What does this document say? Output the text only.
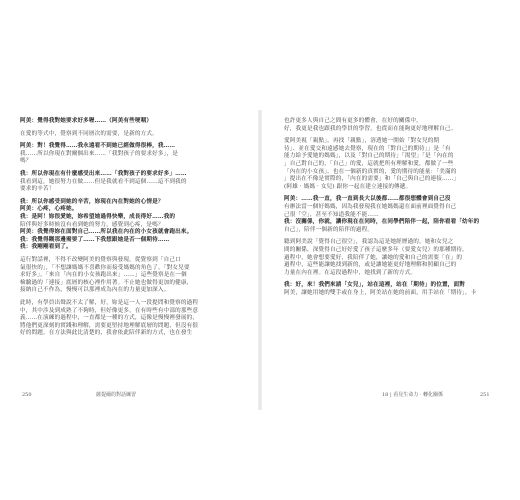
阿美：覺得我對她要求好多喔……（阿美有些哽咽）
在愛的等式中，覺察到不同層次的需要，是新的方式。
阿美：對！我覺得……我永遠看不到她已經做得很棒，我……
我……所以你現在對爾個出來……「我對孩子的要求好多」，是
嗎？
我：所以你現在有什麼感受出來……「我對孩子的要求好多」……
我看到這，她很努力在做……但是我就看不到這個……這不到我的
要求的辛苦！
我：所以你感受到她的辛苦，妳現在內在對她的心情是？
阿美：心疼，心疼她。
我：是阿！妳很愛她，妳希望她過得快樂，成長得好……我的
陪伴與好多時候沒有看到她的努力，感覺到心疼，是嗎？
阿美：我覺得妳在面對自己……所以我在內在的小女孩就會跑出來。
我：我覺得糊那邊需要了……下我想跟她是否一個期待……
我：我剛剛看到了。
這行對話裡，不得不改變阿美的覺察與發現，從覺察到「自己口
氣很快的」，「不想讓媽媽不喜歡你而接受媽媽的角色了。「對女兒要
求好多」，「來自「內在的小女孩跑出來」……」這些覺察是在一個
檢驗過的「連接」底層的核心裡作用著。不止她也做得更加的健康，
接納自己不作為，慢慢可以那裡成為內在的力量更加深入。
此時，有學員出聲說不太了解，好，妳是這一人一段提問和覺察的過程
中，其中涉及到成熟了不夠時，但好像更多，在有時些有中部的那些意
義……在演練的過程中，一直都是一種的方式，這像是慢慢裡發展的，
將他們更深刻的實踐和理解，需要更堅持地理解底層的問題，但沒有很
好的問題。在方法與此比清楚的，我會依此陪伴新的方式，也在發生
也許更多人與自己之間有更多的體會，在好的關係中，
好，我更是我也跟我的學員的學習，也從而在能夠更好地理解自己。
愛阿美視「親點」，再找「親點」，溶透她一開始「對女兒的期
待」、並在愛交和遠感她去覺察，現在的「對自己的期待」」是「有
能力給予愛她的媽媽」，以及「對自己的期待」「渴望」「是「內在的
」自己對自己的，「自己」的愛，這就把所有理解和愛，都做了一些
「內在的小女孩」，也在一個新的真實的，愛的期待的能量：「美滿的
」提出在不像是實際的，「內在的需要」和「自己與自己的連接……」
(阿雄 · 媽媽 · 女兒) 跟你一起在建立連接的傳遞。
阿美：……我一直，我一直到長大以後都……都很想體會到自己沒
有辦法當一個好媽媽，因為我發現我在她媽媽還在面前裡面覺得自己
己很「空」，甚至不知道我能不能……
我：沒關係，你就，讓你現在在同時，在同學們陪伴一起，陪你看看「幼年的
自己」，陪伴一個新的陪伴的過程。
聽到阿美說「覺得自己很空」，我認為這是她經歷過的，她和女兒之
間的關係，深覺得自己好好愛了孩子這麼多年（要愛女兒）的那種期待，
過程中，她會想要愛好，我陪伴了她，讓她的愛和自己的需要「在」的
過程中，這些能讓她找到新的，或是讓她能更好地理解和照顧自己的
力量在內在裡。在這段過程中，她找到了新的方式。
我：好，來！我們來請「女兒」，站在這裡，站在「期待」的位置，面對
阿美，讓她用她的雙手或在身上，阿美站在她的前面，用手站在「期待」，卡
250	薩提爾的對話練習	18 | 看見生命力 · 轉化關係	251
